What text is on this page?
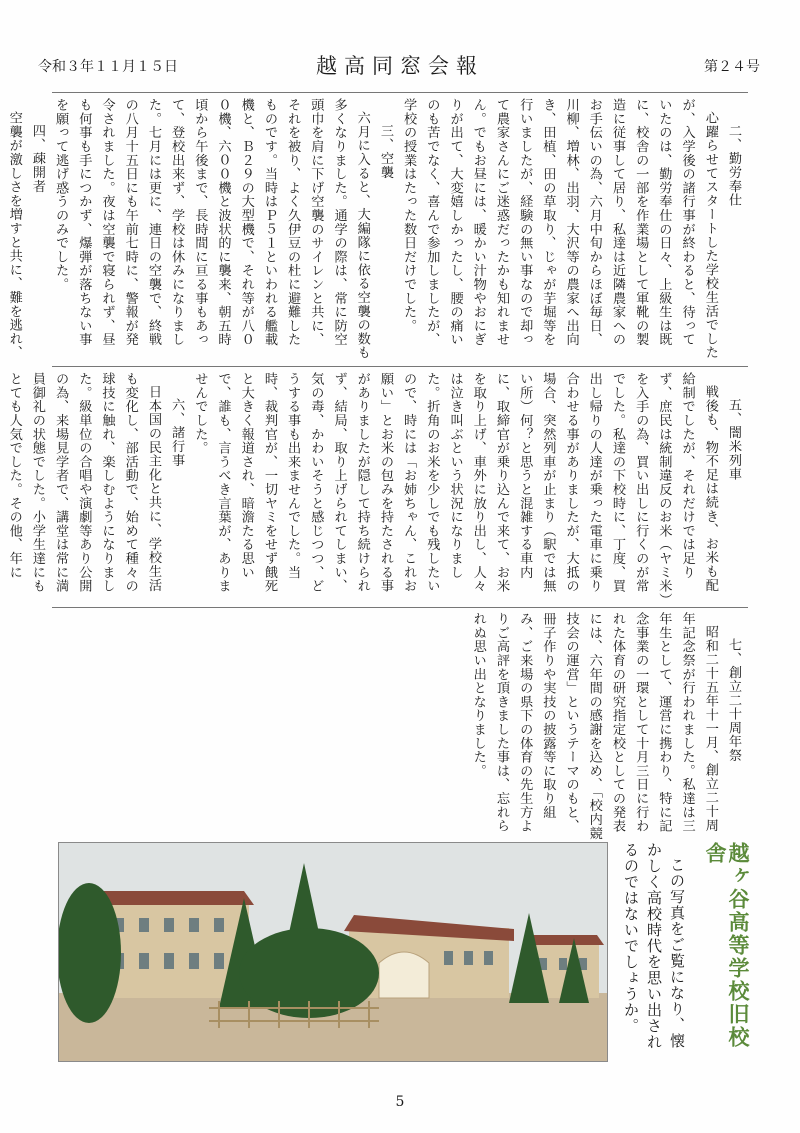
令和３年１１月１５日	越高同窓会報	第２４号
二、勤労奉仕

心躍らせてスタートした学校生活でしたが、入学後の諸行事が終わると、待っていたのは、勤労奉仕の日々、上級生は既に、校舎の一部を作業場として軍靴の製造に従事して居り、私達は近隣農家へのお手伝いの為、六月中旬からほぼ毎日、川柳、増林、出羽、大沢等の農家へ出向き、田植、田の草取り、じゃが芋堀等を行いましたが、経験の無い事なので却って農家さんにご迷惑だったかも知れません。でもお昼には、暖かい汁物やおにぎりが出て、大変嬉しかったし、腰の痛いのも苦でなく、喜んで参加しましたが、学校の授業はたった数日だけでした。

三、空襲

六月に入ると、大編隊に依る空襲の数も多くなりました。通学の際は、常に防空頭巾を肩に下げ空襲のサイレンと共に、それを被り、よく久伊豆の杜に避難したものです。当時はＰ５１といわれる艦載機と、Ｂ２９の大型機で、それ等が八００機、六００機と波状的に襲来、朝五時頃から午後まで、長時間に亘る事もあって、登校出来ず、学校は休みになりました。七月には更に、連日の空襲で、終戦の八月十五日にも午前七時に、警報が発令されました。夜は空襲で寝られず、昼も何事も手につかず、爆弾が落ちない事を願って逃げ惑うのみでした。

四、疎開者

空襲が激しさを増すと共に、難を逃れ、

五、闇米列車

戦後も、物不足は続き、お米も配給制でしたが、それだけでは足りず、庶民は統制違反のお米（ヤミ米）を入手の為、買い出しに行くのが常でした。私達の下校時に、丁度、買出し帰りの人達が乗った電車に乗り合わせる事がありましたが、大抵の場合、突然列車が止まり（駅では無い所）何？と思うと混雑する車内に、取締官が乗り込んで来て、お米を取り上げ、車外に放り出し、人々は泣き叫ぶという状況になりました。折角のお米を少しでも残したいので、時には「お姉ちゃん、これお願い」とお米の包みを持たされる事がありましたが隠して持ち続けられず、結局、取り上げられてしまい、気の毒、かわいそうと感じつつ、どうする事も出来ませんでした。当時、裁判官が、一切ヤミをせず餓死と大きく報道され、暗澹たる思いで、誰も、言うべき言葉が、ありませんでした。

六、諸行事

日本国の民主化と共に、学校生活も変化し、部活動で、始めて種々の球技に触れ、楽しむようになりました。級単位の合唱や演劇等あり公開の為、来場見学者で、講堂は常に満員御礼の状態でした。小学生達にもとても人気でした。その他、年に

七、創立二十周年祭

昭和二十五年十一月、創立二十周年記念祭が行われました。私達は三年生として、運営に携わり、特に記念事業の一環として十月三日に行われた体育の研究指定校としての発表には、六年間の感謝を込め、「校内競技会の運営」というテーマのもと、冊子作りや実技の披露等に取り組み、ご来場の県下の体育の先生方よりご高評を頂きました事は、忘れられぬ思い出となりました。

越ヶ谷高等学校旧校舎

この写真をご覧になり、懐かしく高校時代を思い出されるのではないでしょうか。

5
